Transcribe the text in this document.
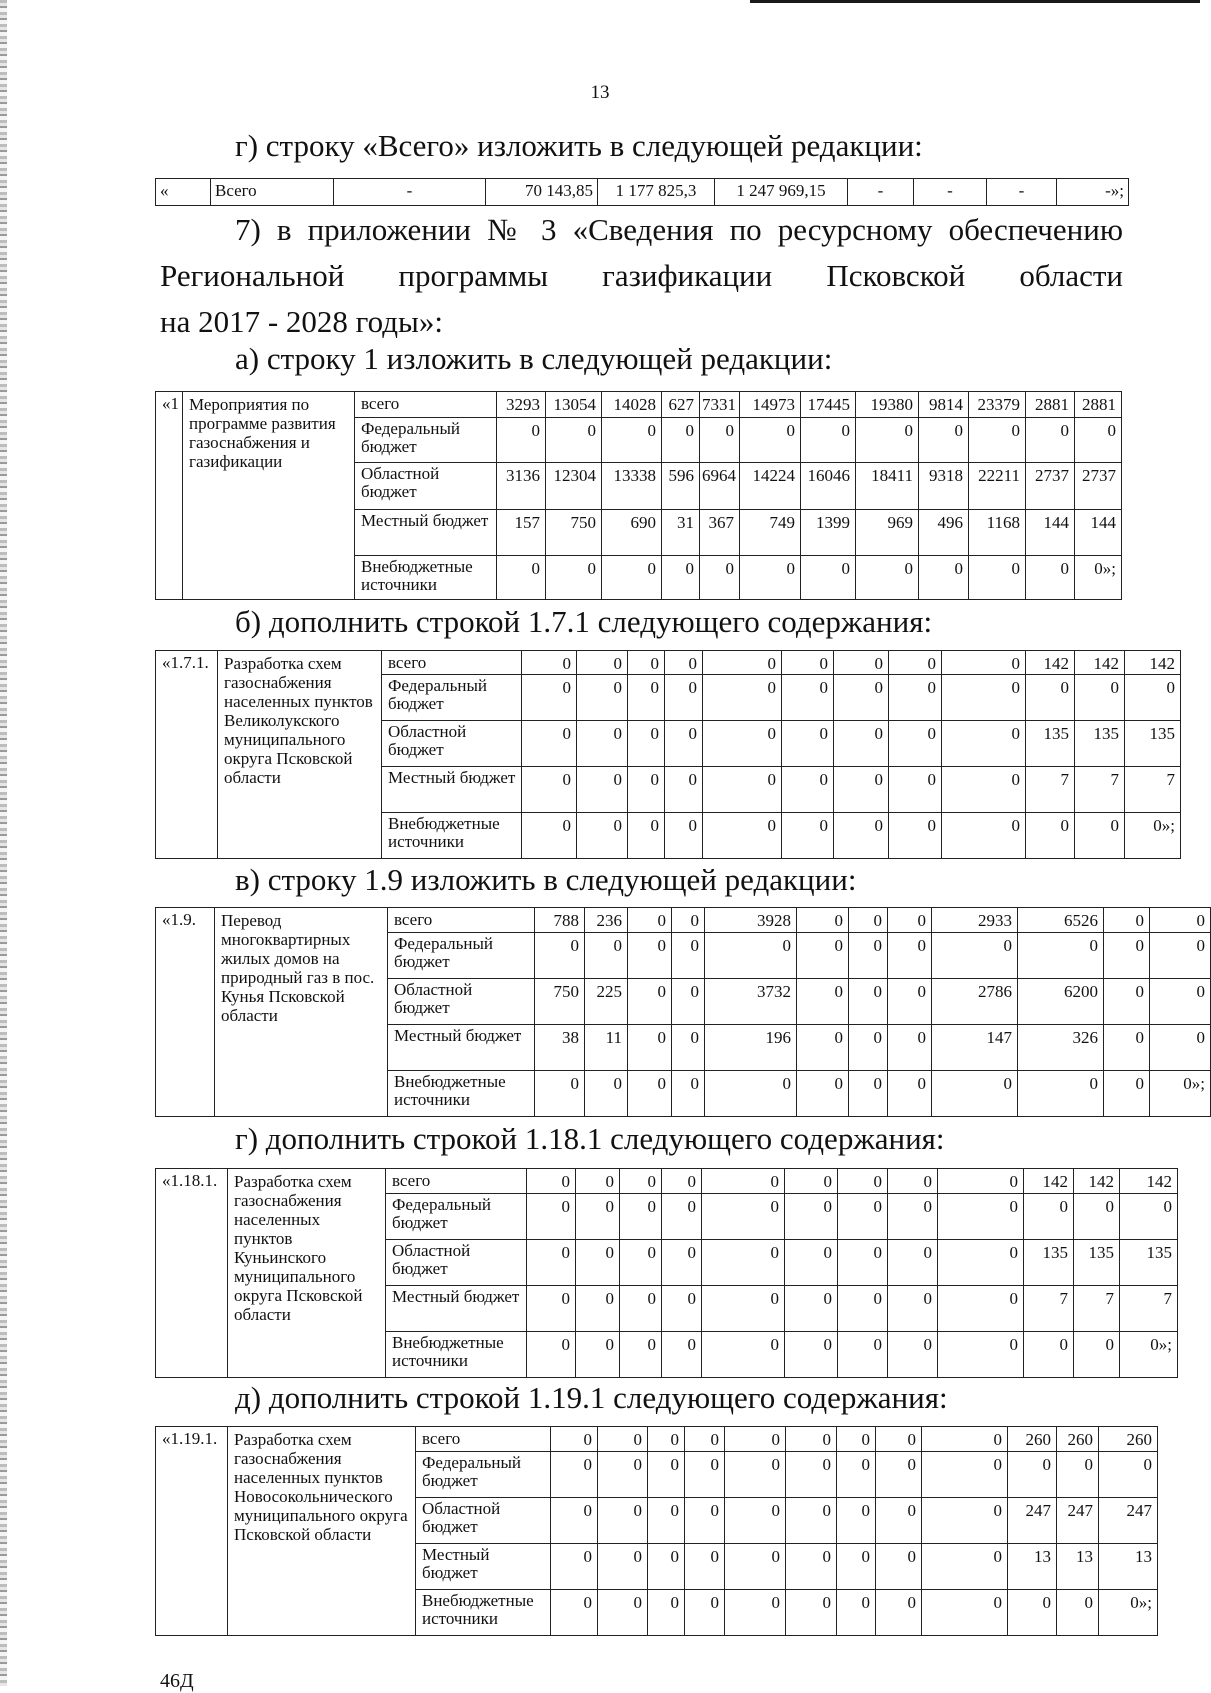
13
г) строку «Всего» изложить в следующей редакции:
«	Всего	-	70 143,85	1 177 825,3	1 247 969,15	-	-	-	-»;
7) в приложении № 3 «Сведения по ресурсному обеспечению
Региональной программы газификации Псковской области
на 2017 - 2028 годы»:
а) строку 1 изложить в следующей редакции:
б) дополнить строкой 1.7.1 следующего содержания:
в) строку 1.9 изложить в следующей редакции:
г) дополнить строкой 1.18.1 следующего содержания:
д) дополнить строкой 1.19.1 следующего содержания:
«1	Мероприятия по программе развития газоснабжения и газификации	всего	3293	13054	14028	627	7331	14973	17445	19380	9814	23379	2881	2881
		Федеральный бюджет	0	0	0	0	0	0	0	0	0	0	0	0
		Областной бюджет	3136	12304	13338	596	6964	14224	16046	18411	9318	22211	2737	2737
		Местный бюджет	157	750	690	31	367	749	1399	969	496	1168	144	144
		Внебюджетные источники	0	0	0	0	0	0	0	0	0	0	0	0»;
«1.7.1.	Разработка схем газоснабжения населенных пунктов Великолукского муниципального округа Псковской области	всего	0	0	0	0	0	0	0	0	0	142	142	142
		Федеральный бюджет	0	0	0	0	0	0	0	0	0	0	0	0
		Областной бюджет	0	0	0	0	0	0	0	0	0	135	135	135
		Местный бюджет	0	0	0	0	0	0	0	0	0	7	7	7
		Внебюджетные источники	0	0	0	0	0	0	0	0	0	0	0	0»;
«1.9.	Перевод многоквартирных жилых домов на природный газ в пос. Кунья Псковской области	всего	788	236	0	0	3928	0	0	0	2933	6526	0	0
		Федеральный бюджет	0	0	0	0	0	0	0	0	0	0	0	0
		Областной бюджет	750	225	0	0	3732	0	0	0	2786	6200	0	0
		Местный бюджет	38	11	0	0	196	0	0	0	147	326	0	0
		Внебюджетные источники	0	0	0	0	0	0	0	0	0	0	0	0»;
«1.18.1.	Разработка схем газоснабжения населенных пунктов Куньинского муниципального округа Псковской области	всего	0	0	0	0	0	0	0	0	0	142	142	142
		Федеральный бюджет	0	0	0	0	0	0	0	0	0	0	0	0
		Областной бюджет	0	0	0	0	0	0	0	0	0	135	135	135
		Местный бюджет	0	0	0	0	0	0	0	0	0	7	7	7
		Внебюджетные источники	0	0	0	0	0	0	0	0	0	0	0	0»;
«1.19.1.	Разработка схем газоснабжения населенных пунктов Новосокольнического муниципального округа Псковской области	всего	0	0	0	0	0	0	0	0	0	260	260	260
		Федеральный бюджет	0	0	0	0	0	0	0	0	0	0	0	0
		Областной бюджет	0	0	0	0	0	0	0	0	0	247	247	247
		Местный бюджет	0	0	0	0	0	0	0	0	0	13	13	13
		Внебюджетные источники	0	0	0	0	0	0	0	0	0	0	0	0»;
46Д
